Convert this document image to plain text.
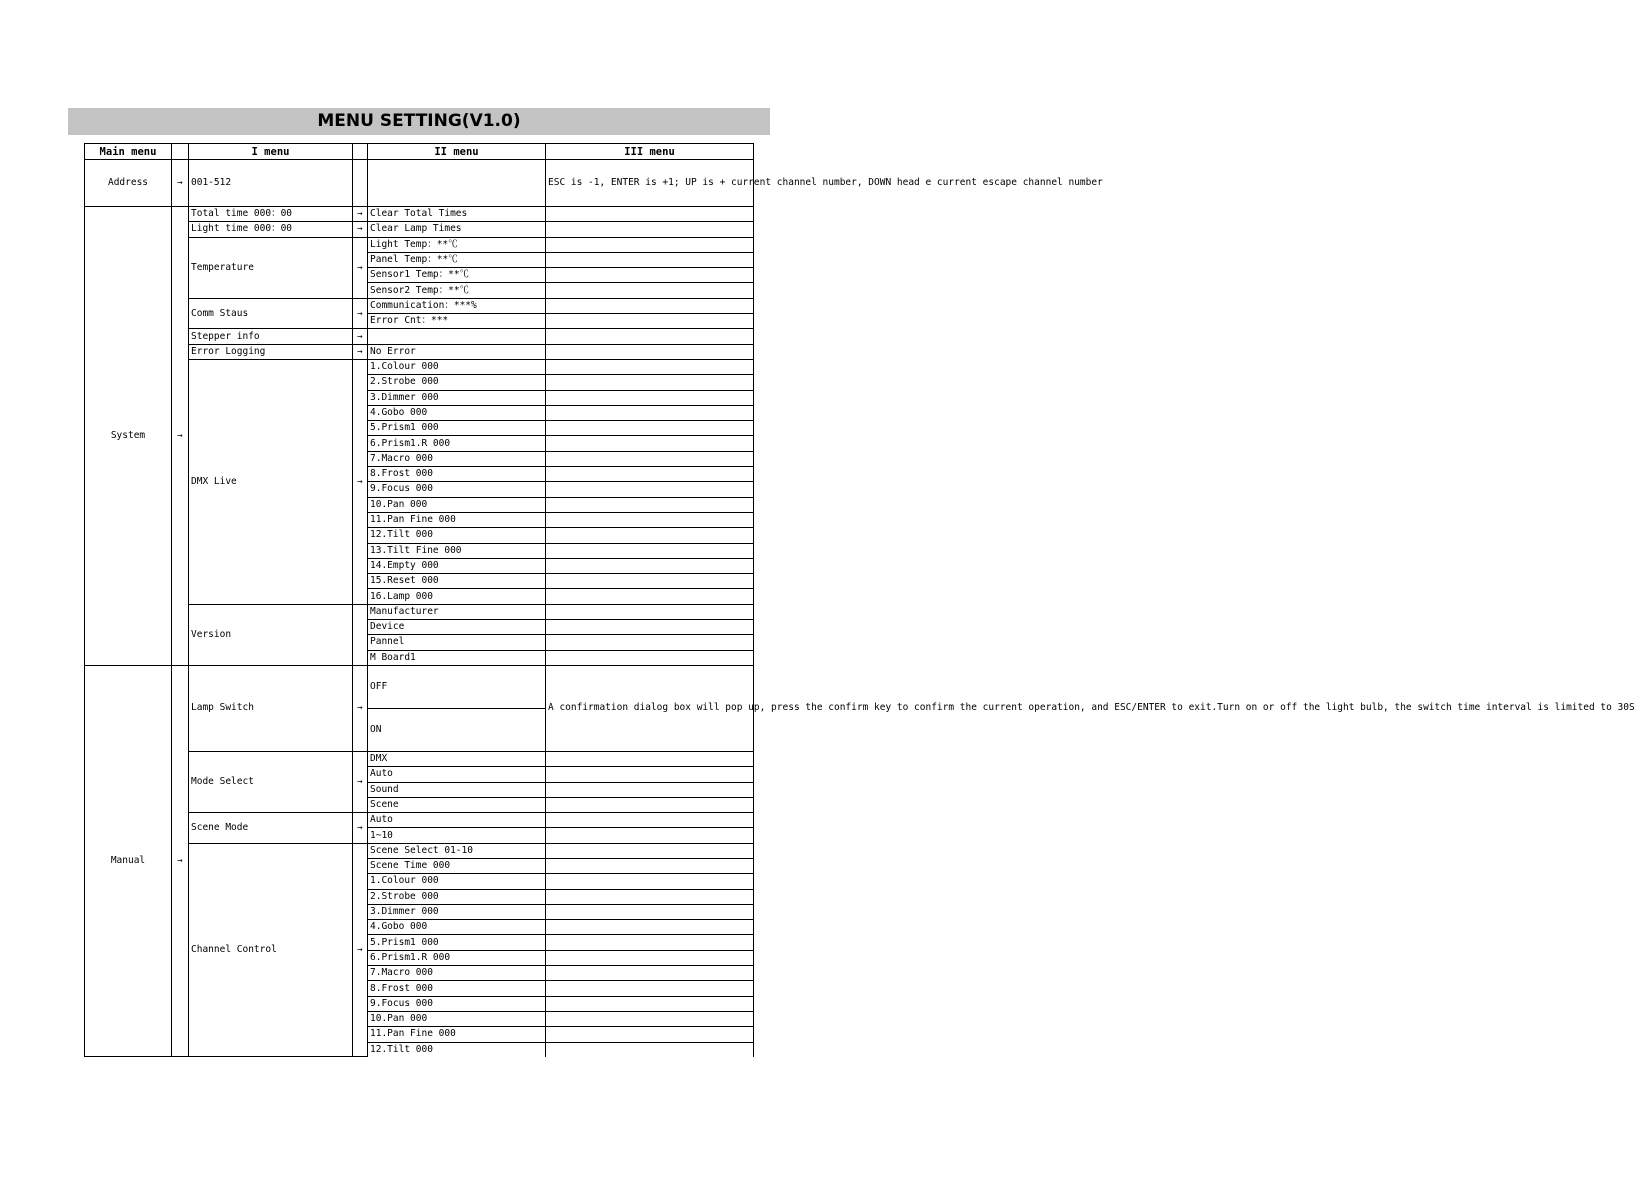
MENU SETTING(V1.0)
Main menu		I menu		II menu	III menu
Address	→	001-512			ESC is -1, ENTER is +1; UP is + current channel number, DOWN head e current escape channel number
System	→	Total time 000：00	→	Clear Total Times	
		Light time 000：00	→	Clear Lamp Times	
		Temperature	→	Light Temp：**℃	
				Panel Temp：**℃	
				Sensor1 Temp：**℃	
				Sensor2 Temp：**℃	
		Comm Staus	→	Communication：***%	
				Error Cnt：***	
		Stepper info	→		
		Error Logging	→	No Error	
		DMX Live	→	1.Colour 000	
				2.Strobe 000	
				3.Dimmer 000	
				4.Gobo 000	
				5.Prism1 000	
				6.Prism1.R 000	
				7.Macro 000	
				8.Frost 000	
				9.Focus 000	
				10.Pan 000	
				11.Pan Fine 000	
				12.Tilt 000	
				13.Tilt Fine 000	
				14.Empty 000	
				15.Reset 000	
				16.Lamp 000	
		Version		Manufacturer	
				Device	
				Pannel	
				M Board1	
Manual	→	Lamp Switch	→	OFF	A confirmation dialog box will pop up, press the confirm key to confirm the current operation, and ESC/ENTER to exit.Turn on or off the light bulb, the switch time interval is limited to 30S
				ON	
		Mode Select	→	DMX	
				Auto	
				Sound	
				Scene	
		Scene Mode	→	Auto	
				1~10	
		Channel Control	→	Scene Select 01-10	
				Scene Time 000	
				1.Colour 000	
				2.Strobe 000	
				3.Dimmer 000	
				4.Gobo 000	
				5.Prism1 000	
				6.Prism1.R 000	
				7.Macro 000	
				8.Frost 000	
				9.Focus 000	
				10.Pan 000	
				11.Pan Fine 000	
				12.Tilt 000	
